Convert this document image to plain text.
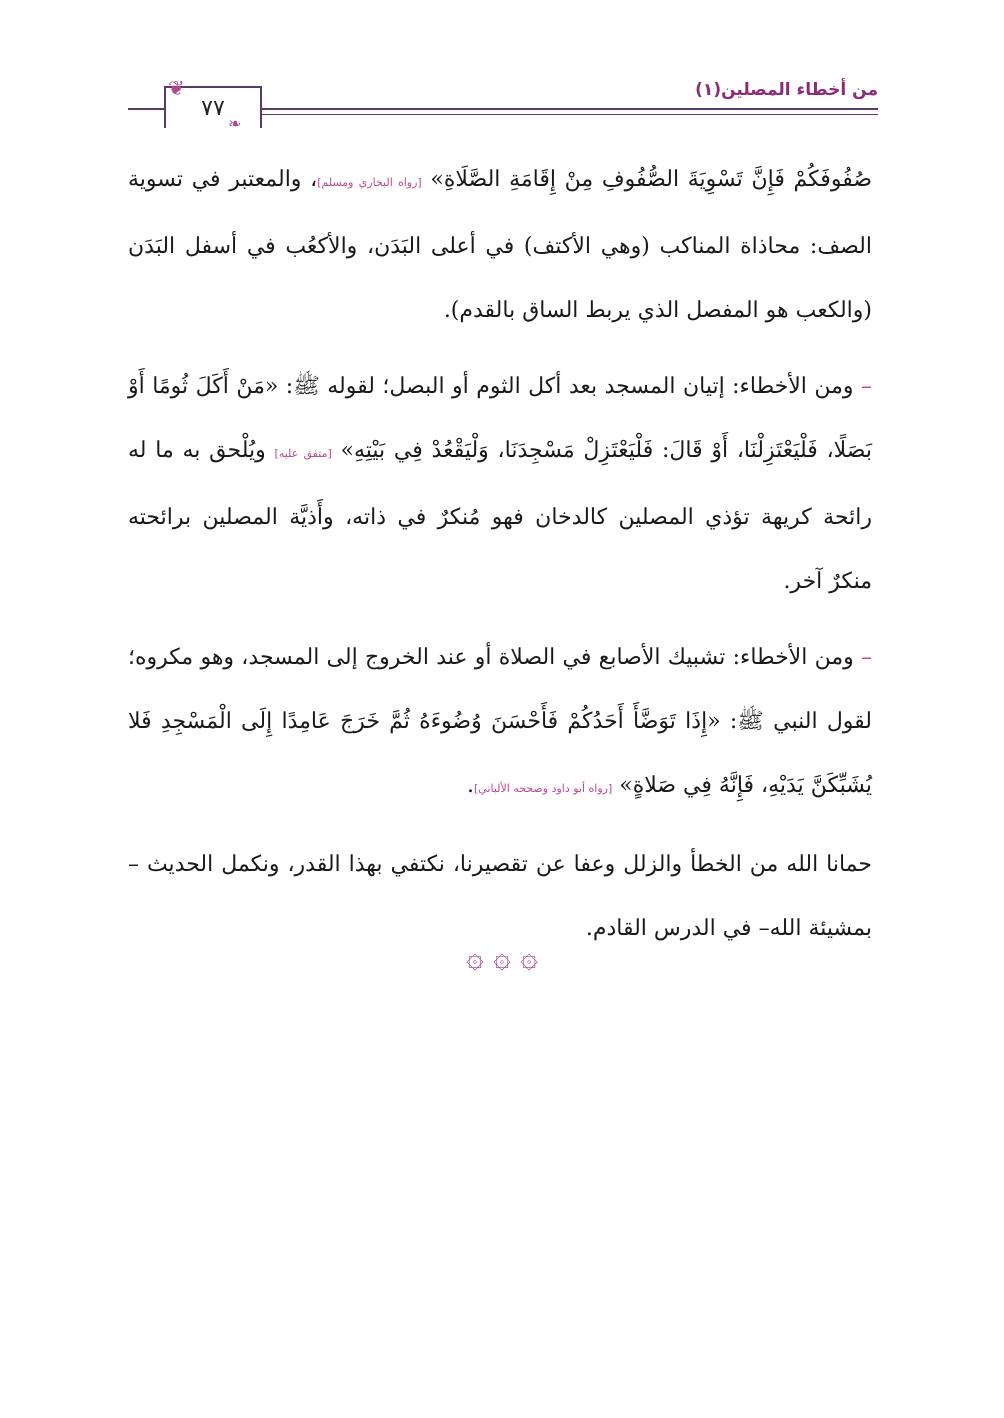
٧٧
❦
❧
من أخطاء المصلين(١)

صُفُوفَكُمْ فَإِنَّ تَسْوِيَةَ الصُّفُوفِ مِنْ إِقَامَةِ الصَّلَاةِ» [رواه البخاري ومسلم]، والمعتبر في تسوية الصف: محاذاة المناكب (وهي الأكتف) في أعلى البَدَن، والأكعُب في أسفل البَدَن (والكعب هو المفصل الذي يربط الساق بالقدم).

– ومن الأخطاء: إتيان المسجد بعد أكل الثوم أو البصل؛ لقوله ﷺ: «مَنْ أَكَلَ ثُومًا أَوْ بَصَلًا، فَلْيَعْتَزِلْنَا، أَوْ قَالَ: فَلْيَعْتَزِلْ مَسْجِدَنَا، وَلْيَقْعُدْ فِي بَيْتِهِ» [متفق عليه] ويُلْحق به ما له رائحة كريهة تؤذي المصلين كالدخان فهو مُنكرٌ في ذاته، وأَذيَّة المصلين برائحته منكرٌ آخر.

– ومن الأخطاء: تشبيك الأصابع في الصلاة أو عند الخروج إلى المسجد، وهو مكروه؛ لقول النبي ﷺ: «إِذَا تَوَضَّأَ أَحَدُكُمْ فَأَحْسَنَ وُضُوءَهُ ثُمَّ خَرَجَ عَامِدًا إِلَى الْمَسْجِدِ فَلا يُشَبِّكَنَّ يَدَيْهِ، فَإِنَّهُ فِي صَلاةٍ» [رواه أبو داود وصححه الألباني].

حمانا الله من الخطأ والزلل وعفا عن تقصيرنا، نكتفي بهذا القدر، ونكمل الحديث –بمشيئة الله– في الدرس القادم.

۞ ۞ ۞
